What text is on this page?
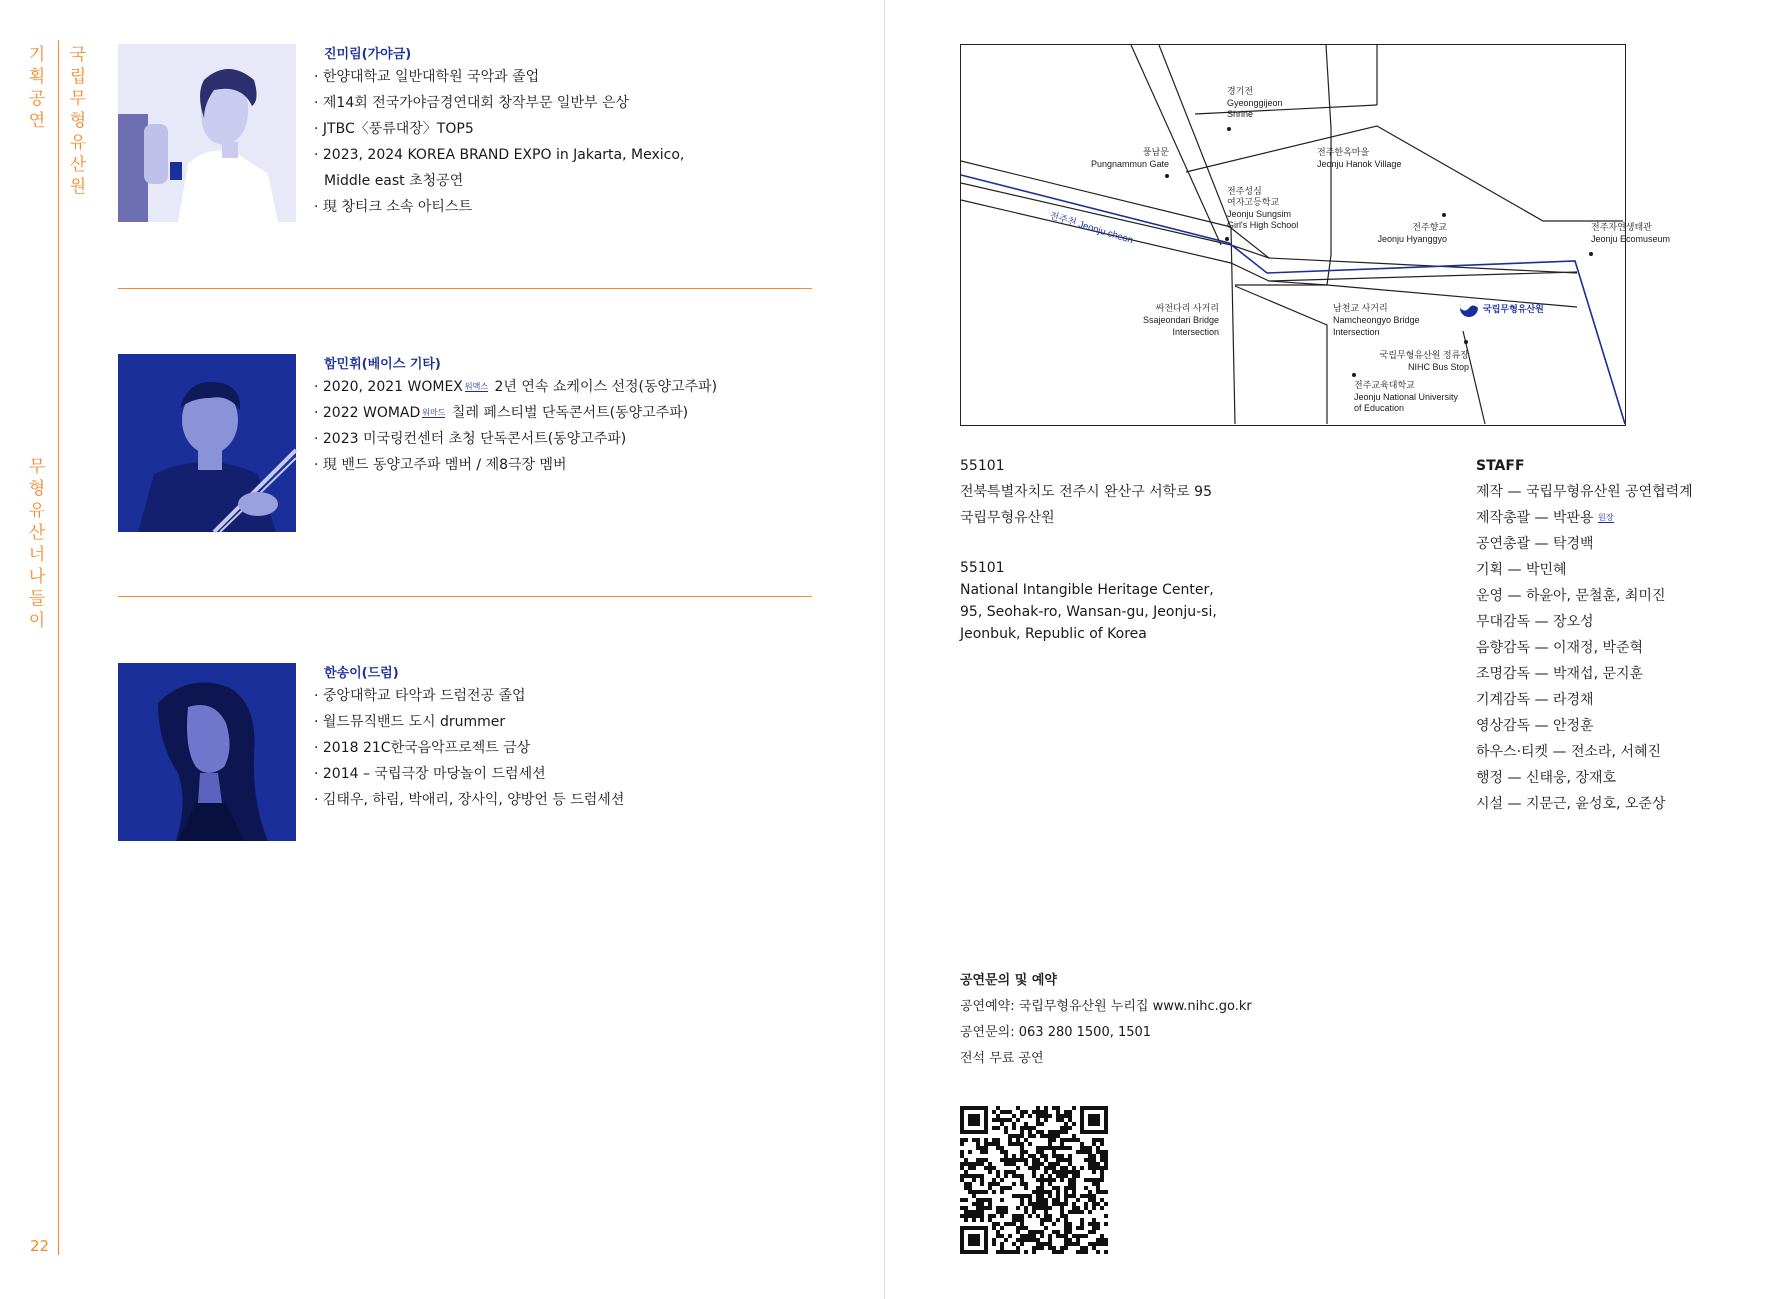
기획공연
국립무형유산원
무형유산 너나들이
22
진미림(가야금)
· 한양대학교 일반대학원 국악과 졸업
· 제14회 전국가야금경연대회 창작부문 일반부 은상
· JTBC〈풍류대장〉TOP5
· 2023, 2024 KOREA BRAND EXPO in Jakarta, Mexico, Middle east 초청공연
· 現 창티크 소속 아티스트
함민휘(베이스 기타)
· 2020, 2021 WOMEX $^{워맥스}$ 2년 연속 쇼케이스 선정(동양고주파)
· 2022 WOMAD $^{워마드}$ 칠레 페스티벌 단독콘서트(동양고주파)
· 2023 미국링컨센터 초청 단독콘서트(동양고주파)
· 現 밴드 동양고주파 멤버 / 제8극장 멤버
한송이(드럼)
· 중앙대학교 타악과 드럼전공 졸업
· 월드뮤직밴드 도시 drummer
· 2018 21C한국음악프로젝트 금상
· 2014 – 국립극장 마당놀이 드럼세션
· 김태우, 하림, 박애리, 장사익, 양방언 등 드럼세션
경기전
Gyeonggijeon
Shrine
풍남문
Pungnammun Gate
전주한옥마을
Jeonju Hanok Village
전주성심
여자고등학교
Jeonju Sungsim
Girl's High School	전주향교
Jeonju Hyanggyo
전주자연생태관
Jeonju Ecomuseum
전주천 Jeonju cheon
싸전다리 사거리
Ssajeondari Bridge
Intersection
남천교 사거리
Namcheongyo Bridge
Intersection
국립무형유산원
국립무형유산원 정류장
NIHC Bus Stop
전주교육대학교
Jeonju National University
of Education
55101
전북특별자치도 전주시 완산구 서학로 95
국립무형유산원
55101
National Intangible Heritage Center,
95, Seohak-ro, Wansan-gu, Jeonju-si,
Jeonbuk, Republic of Korea
STAFF
제작 — 국립무형유산원 공연협력계
제작총괄 — 박판용 $^{원장}$
공연총괄 — 탁경백
기획 — 박민혜
운영 — 하윤아, 문철훈, 최미진
무대감독 — 장오성
음향감독 — 이재정, 박준혁
조명감독 — 박재섭, 문지훈
기계감독 — 라경채
영상감독 — 안정훈
하우스·티켓 — 전소라, 서혜진
행정 — 신태웅, 장재호
시설 — 지문근, 윤성호, 오준상
공연문의 및 예약
공연예약: 국립무형유산원 누리집 www.nihc.go.kr
공연문의: 063 280 1500, 1501
전석 무료 공연
